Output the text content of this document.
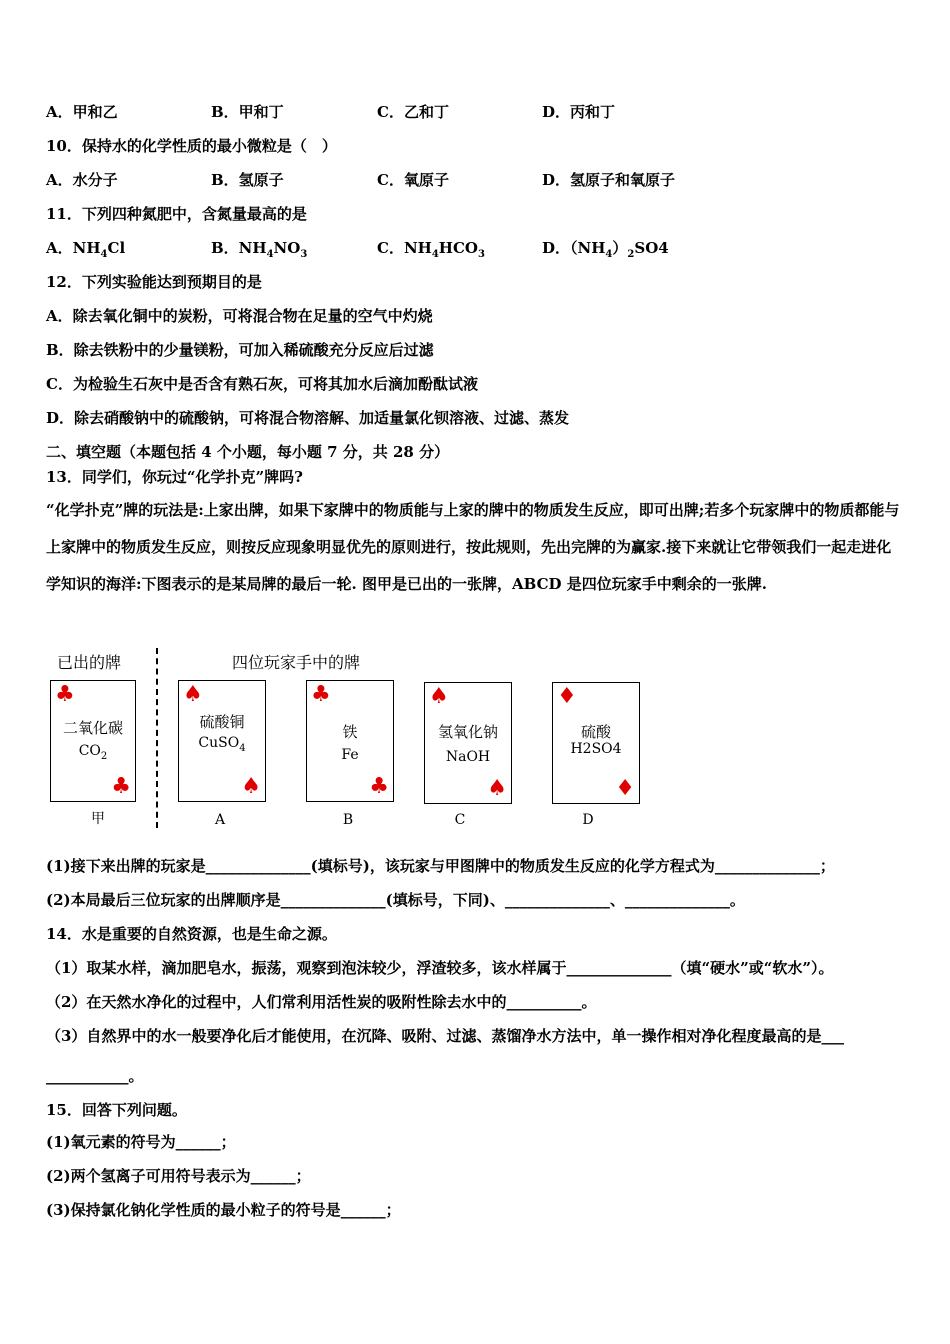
A．甲和乙	B．甲和丁	C．乙和丁	D．丙和丁
10．保持水的化学性质的最小微粒是（　）
A．水分子	B．氢原子	C．氧原子	D．氢原子和氧原子
11．下列四种氮肥中，含氮量最高的是
A．$NH_4Cl$	B．$NH_4NO_3$	C．$NH_4HCO_3$	D．$(NH_4)_2SO4$
12．下列实验能达到预期目的是
A．除去氧化铜中的炭粉，可将混合物在足量的空气中灼烧
B．除去铁粉中的少量镁粉，可加入稀硫酸充分反应后过滤
C．为检验生石灰中是否含有熟石灰，可将其加水后滴加酚酞试液
D．除去硝酸钠中的硫酸钠，可将混合物溶解、加适量氯化钡溶液、过滤、蒸发
二、填空题（本题包括 4 个小题，每小题 7 分，共 28 分）
13．同学们，你玩过“化学扑克”牌吗?
“化学扑克”牌的玩法是:上家出牌，如果下家牌中的物质能与上家的牌中的物质发生反应，即可出牌;若多个玩家牌中的物质都能与上家牌中的物质发生反应，则按反应现象明显优先的原则进行，按此规则，先出完牌的为赢家.接下来就让它带领我们一起走进化学知识的海洋:下图表示的是某局牌的最后一轮. 图甲是已出的一张牌，ABCD 是四位玩家手中剩余的一张牌.
已出的牌	四位玩家手中的牌
♣
二氧化碳
$CO_2$
♣
甲
♠
硫酸铜
CuSO$_4$
♠
A
♣
铁
Fe
♣
B
♠
氢氧化钠
NaOH
♠
C
♦
硫酸
H2SO4
♦
D
(1)接下来出牌的玩家是______________(填标号)，该玩家与甲图牌中的物质发生反应的化学方程式为______________；
(2)本局最后三位玩家的出牌顺序是______________(填标号，下同)、______________、______________。
14．水是重要的自然资源，也是生命之源。
（1）取某水样，滴加肥皂水，振荡，观察到泡沫较少，浮渣较多，该水样属于______________（填“硬水”或“软水”）。
（2）在天然水净化的过程中，人们常利用活性炭的吸附性除去水中的__________。
（3）自然界中的水一般要净化后才能使用，在沉降、吸附、过滤、蒸馏净水方法中，单一操作相对净化程度最高的是___
___________。
15．回答下列问题。
(1)氧元素的符号为______；
(2)两个氢离子可用符号表示为______；
(3)保持氯化钠化学性质的最小粒子的符号是______；
